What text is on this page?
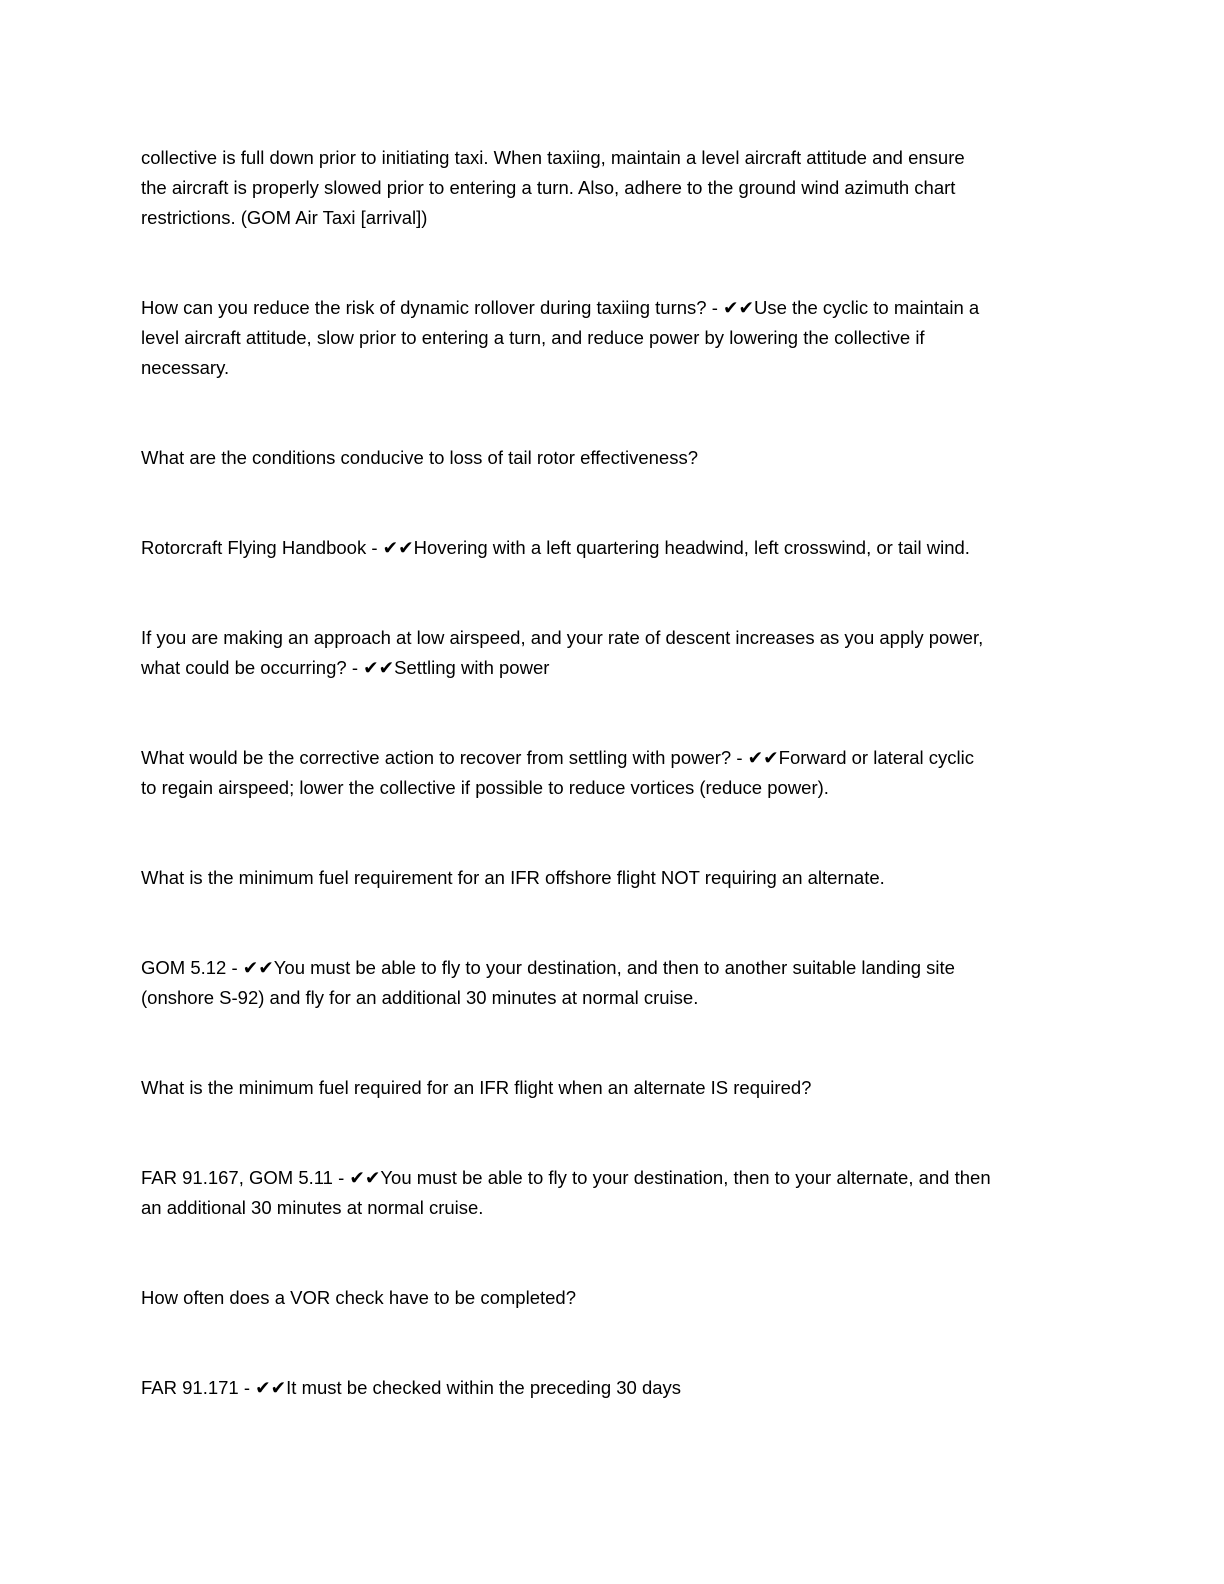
collective is full down prior to initiating taxi. When taxiing, maintain a level aircraft attitude and ensure
the aircraft is properly slowed prior to entering a turn. Also, adhere to the ground wind azimuth chart
restrictions. (GOM Air Taxi [arrival])
How can you reduce the risk of dynamic rollover during taxiing turns? - ✔✔Use the cyclic to maintain a
level aircraft attitude, slow prior to entering a turn, and reduce power by lowering the collective if
necessary.
What are the conditions conducive to loss of tail rotor effectiveness?
Rotorcraft Flying Handbook - ✔✔Hovering with a left quartering headwind, left crosswind, or tail wind.
If you are making an approach at low airspeed, and your rate of descent increases as you apply power,
what could be occurring? - ✔✔Settling with power
What would be the corrective action to recover from settling with power? - ✔✔Forward or lateral cyclic
to regain airspeed; lower the collective if possible to reduce vortices (reduce power).
What is the minimum fuel requirement for an IFR offshore flight NOT requiring an alternate.
GOM 5.12 - ✔✔You must be able to fly to your destination, and then to another suitable landing site
(onshore S-92) and fly for an additional 30 minutes at normal cruise.
What is the minimum fuel required for an IFR flight when an alternate IS required?
FAR 91.167, GOM 5.11 - ✔✔You must be able to fly to your destination, then to your alternate, and then
an additional 30 minutes at normal cruise.
How often does a VOR check have to be completed?
FAR 91.171 - ✔✔It must be checked within the preceding 30 days
